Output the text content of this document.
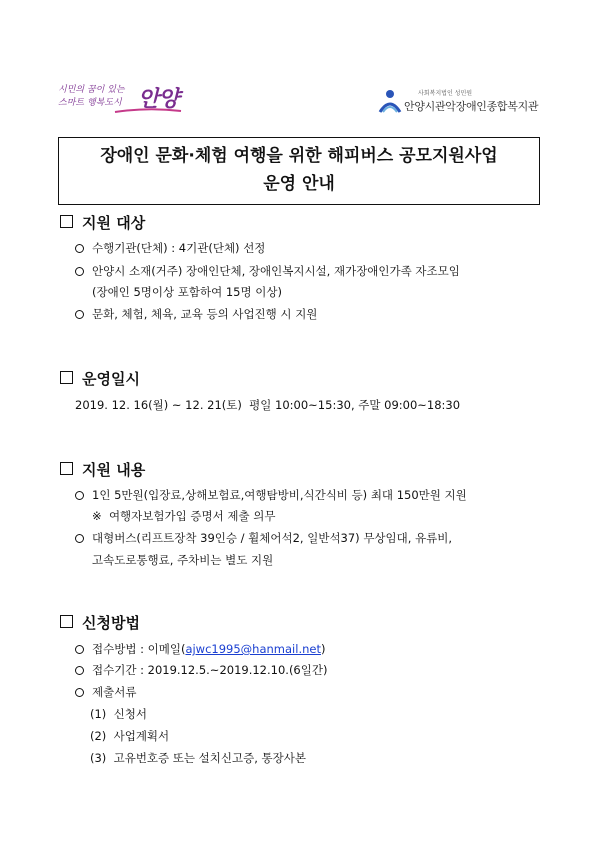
시민의 꿈이 있는
스마트 행복도시 안양	사회복지법인 성민원
안양시관악장애인종합복지관
장애인 문화·체험 여행을 위한 해피버스 공모지원사업
운영 안내
지원 대상
수행기관(단체) : 4기관(단체) 선정
안양시 소재(거주) 장애인단체, 장애인복지시설, 재가장애인가족 자조모임
(장애인 5명이상 포함하여 15명 이상)
문화, 체험, 체육, 교육 등의 사업진행 시 지원
운영일시
2019. 12. 16(월) ~ 12. 21(토)  평일 10:00~15:30, 주말 09:00~18:30
지원 내용
1인 5만원(입장료,상해보험료,여행탐방비,식간식비 등) 최대 150만원 지원
※  여행자보험가입 증명서 제출 의무
대형버스(리프트장착 39인승 / 휠체어석2, 일반석37) 무상임대, 유류비,
고속도로통행료, 주차비는 별도 지원
신청방법
접수방법 : 이메일(ajwc1995@hanmail.net)
접수기간 : 2019.12.5.~2019.12.10.(6일간)
제출서류
(1)  신청서
(2)  사업계획서
(3)  고유번호증 또는 설치신고증, 통장사본
